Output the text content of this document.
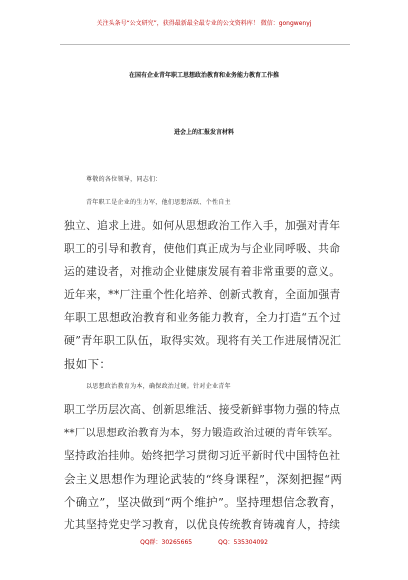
关注头条号“公文研究”，获得最新最全最专业的公文资料库！ 微信：gongwenyj
在国有企业青年职工思想政治教育和业务能力教育工作推
进会上的汇报发言材料
尊敬的各位领导，同志们：
青年职工是企业的生力军，他们思想活跃、个性自主
独立、追求上进。如何从思想政治工作入手，加强对青年
职工的引导和教育，使他们真正成为与企业同呼吸、共命
运的建设者，对推动企业健康发展有着非常重要的意义。
近年来，**厂注重个性化培养、创新式教育，全面加强青
年职工思想政治教育和业务能力教育，全力打造“五个过
硬”青年职工队伍，取得实效。现将有关工作进展情况汇
报如下：
以思想政治教育为本，确保政治过硬。针对企业青年
职工学历层次高、创新思维活、接受新鲜事物力强的特点
**厂以思想政治教育为本，努力锻造政治过硬的青年铁军。
坚持政治挂帅。始终把学习贯彻习近平新时代中国特色社
会主义思想作为理论武装的“终身课程”，深刻把握“两
个确立”，坚决做到“两个维护”。坚持理想信念教育，
尤其坚持党史学习教育，以优良传统教育铸魂育人，持续
QQ群：30265665	QQ：535304092
